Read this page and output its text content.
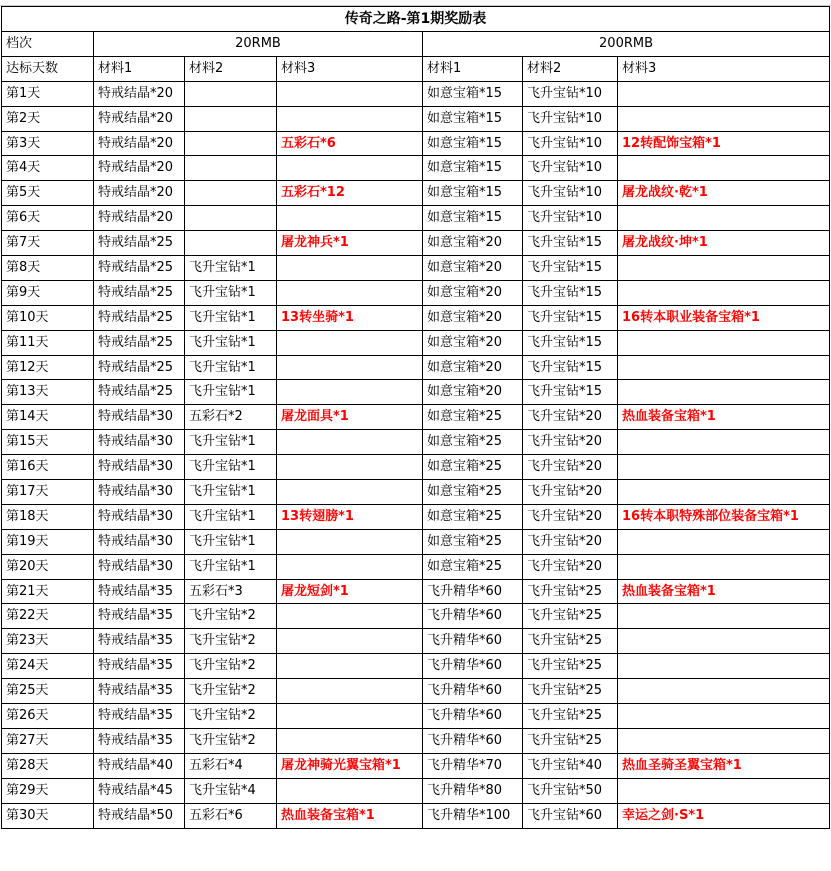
传奇之路-第1期奖励表						
档次	20RMB			200RMB		
达标天数	材料1	材料2	材料3	材料1	材料2	材料3
第1天	特戒结晶*20			如意宝箱*15	飞升宝钻*10	
第2天	特戒结晶*20			如意宝箱*15	飞升宝钻*10	
第3天	特戒结晶*20		五彩石*6	如意宝箱*15	飞升宝钻*10	12转配饰宝箱*1
第4天	特戒结晶*20			如意宝箱*15	飞升宝钻*10	
第5天	特戒结晶*20		五彩石*12	如意宝箱*15	飞升宝钻*10	屠龙战纹·乾*1
第6天	特戒结晶*20			如意宝箱*15	飞升宝钻*10	
第7天	特戒结晶*25		屠龙神兵*1	如意宝箱*20	飞升宝钻*15	屠龙战纹·坤*1
第8天	特戒结晶*25	飞升宝钻*1		如意宝箱*20	飞升宝钻*15	
第9天	特戒结晶*25	飞升宝钻*1		如意宝箱*20	飞升宝钻*15	
第10天	特戒结晶*25	飞升宝钻*1	13转坐骑*1	如意宝箱*20	飞升宝钻*15	16转本职业装备宝箱*1
第11天	特戒结晶*25	飞升宝钻*1		如意宝箱*20	飞升宝钻*15	
第12天	特戒结晶*25	飞升宝钻*1		如意宝箱*20	飞升宝钻*15	
第13天	特戒结晶*25	飞升宝钻*1		如意宝箱*20	飞升宝钻*15	
第14天	特戒结晶*30	五彩石*2	屠龙面具*1	如意宝箱*25	飞升宝钻*20	热血装备宝箱*1
第15天	特戒结晶*30	飞升宝钻*1		如意宝箱*25	飞升宝钻*20	
第16天	特戒结晶*30	飞升宝钻*1		如意宝箱*25	飞升宝钻*20	
第17天	特戒结晶*30	飞升宝钻*1		如意宝箱*25	飞升宝钻*20	
第18天	特戒结晶*30	飞升宝钻*1	13转翅膀*1	如意宝箱*25	飞升宝钻*20	16转本职特殊部位装备宝箱*1
第19天	特戒结晶*30	飞升宝钻*1		如意宝箱*25	飞升宝钻*20	
第20天	特戒结晶*30	飞升宝钻*1		如意宝箱*25	飞升宝钻*20	
第21天	特戒结晶*35	五彩石*3	屠龙短剑*1	飞升精华*60	飞升宝钻*25	热血装备宝箱*1
第22天	特戒结晶*35	飞升宝钻*2		飞升精华*60	飞升宝钻*25	
第23天	特戒结晶*35	飞升宝钻*2		飞升精华*60	飞升宝钻*25	
第24天	特戒结晶*35	飞升宝钻*2		飞升精华*60	飞升宝钻*25	
第25天	特戒结晶*35	飞升宝钻*2		飞升精华*60	飞升宝钻*25	
第26天	特戒结晶*35	飞升宝钻*2		飞升精华*60	飞升宝钻*25	
第27天	特戒结晶*35	飞升宝钻*2		飞升精华*60	飞升宝钻*25	
第28天	特戒结晶*40	五彩石*4	屠龙神骑光翼宝箱*1	飞升精华*70	飞升宝钻*40	热血圣骑圣翼宝箱*1
第29天	特戒结晶*45	飞升宝钻*4		飞升精华*80	飞升宝钻*50	
第30天	特戒结晶*50	五彩石*6	热血装备宝箱*1	飞升精华*100	飞升宝钻*60	幸运之剑·S*1
